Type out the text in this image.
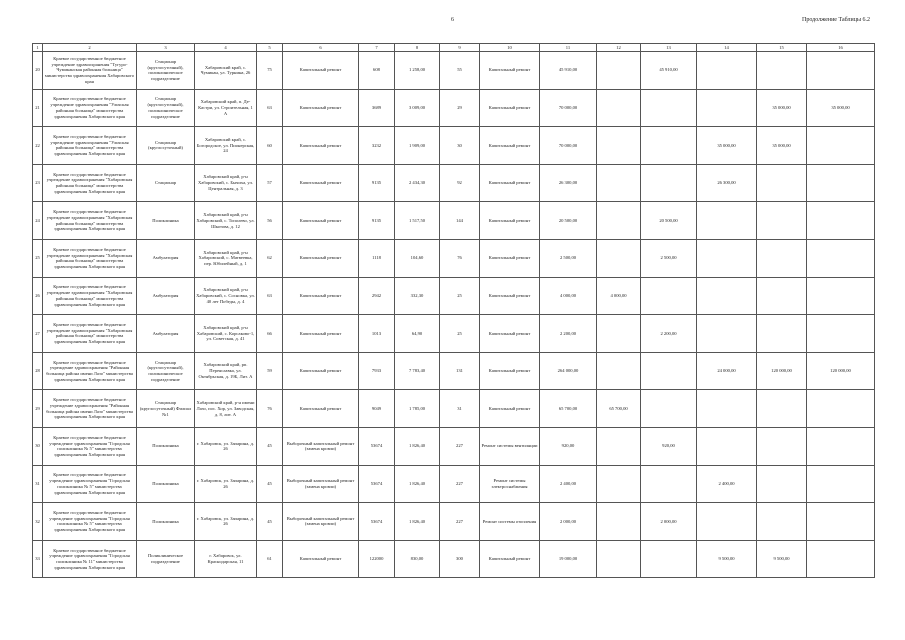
6	Продолжение Таблицы 6.2
1	2	3	4	5	6	7	8	9	10	11	12	13	14	15	16
20	Краевое государственное бюджетное учреждение здравоохранения "Тугуро-Чумиканская районная больница" министерства здравоохранения Хабаровского края	Стационар (круглосуточный), поликлиническое подразделение	Хабаровский край, с. Чумикан, ул. Турнина, 26	75	Капитальный ремонт	608	1 258,00	55	Капитальный ремонт	45 910,00		45 910,00			
21	Краевое государственное бюджетное учреждение здравоохранения "Ульчская районная больница" министерства здравоохранения Хабаровского края	Стационар (круглосуточный), поликлиническое подразделение	Хабаровский край, п. Де-Кастри, ул. Строительная, 1 А	63	Капитальный ремонт	3689	3 009,00	29	Капитальный ремонт	70 000,00				35 000,00	35 000,00
22	Краевое государственное бюджетное учреждение здравоохранения "Ульчская районная больница" министерства здравоохранения Хабаровского края	Стационар (круглосуточный)	Хабаровский край, с. Богородское, ул. Пионерская, 24	60	Капитальный ремонт	3232	1 909,00	30	Капитальный ремонт	70 000,00			35 000,00	35 000,00	
23	Краевое государственное бюджетное учреждение здравоохранения "Хабаровская районная больница" министерства здравоохранения Хабаровского края	Стационар	Хабаровский край, р-н Хабаровский, с. Бычиха, ул. Центральная, д. 3	57	Капитальный ремонт	9135	2 434,30	92	Капитальный ремонт	26 300,00			26 300,00		
24	Краевое государственное бюджетное учреждение здравоохранения "Хабаровская районная больница" министерства здравоохранения Хабаровского края	Поликлиника	Хабаровский край, р-н Хабаровский, с. Тополево, ул. Шкотова, д. 12	56	Капитальный ремонт	9135	1 517,50	144	Капитальный ремонт	20 500,00		20 500,00			
25	Краевое государственное бюджетное учреждение здравоохранения "Хабаровская районная больница" министерства здравоохранения Хабаровского края	Амбулатория	Хабаровский край, р-н Хабаровский, с. Матвеевка, пер. Юбилейный, д. 1	62	Капитальный ремонт	1118	104,60	76	Капитальный ремонт	2 500,00		2 500,00			
26	Краевое государственное бюджетное учреждение здравоохранения "Хабаровская районная больница" министерства здравоохранения Хабаровского края	Амбулатория	Хабаровский край, р-н Хабаровский, с. Сосновка, ул. 40 лет Победы, д. 4	63	Капитальный ремонт	2942	332,30	25	Капитальный ремонт	4 000,00	4 000,00				
27	Краевое государственное бюджетное учреждение здравоохранения "Хабаровская районная больница" министерства здравоохранения Хабаровского края	Амбулатория	Хабаровский край, р-н Хабаровский, с. Корсаково-1, ул. Советская, д. 41	66	Капитальный ремонт	1013	64,90	25	Капитальный ремонт	2 200,00		2 200,00			
28	Краевое государственное бюджетное учреждение здравоохранения "Районная больница района имени Лазо" министерства здравоохранения Хабаровского края	Стационар (круглосуточный), поликлиническое подразделение	Хабаровский край, рп. Переяславка, ул. Октябрьская, д. 19Б, Лит. А	59	Капитальный ремонт	7933	7 783,40	131	Капитальный ремонт	264 000,00			24 000,00	120 000,00	120 000,00
29	Краевое государственное бюджетное учреждение здравоохранения "Районная больница района имени Лазо" министерства здравоохранения Хабаровского края	Стационар (круглосуточный) Филиал №1	Хабаровский край, р-н имени Лазо, пос. Хор, ул. Заводская, д. 8, лит. А	76	Капитальный ремонт	9049	1 785,00	31	Капитальный ремонт	65 700,00	65 700,00				
30	Краевое государственное бюджетное учреждение здравоохранения "Городская поликлиника № 5" министерства здравоохранения Хабаровского края	Поликлиника	г. Хабаровск, ул. Запарина, д. 26	45	Выборочный капитальный ремонт (замена кровли)	53674	1 826,40	227	Ремонт системы вентиляции	920,00		920,00			
31	Краевое государственное бюджетное учреждение здравоохранения "Городская поликлиника № 5" министерства здравоохранения Хабаровского края	Поликлиника	г. Хабаровск, ул. Запарина, д. 26	45	Выборочный капитальный ремонт (замена кровли)	53674	1 826,40	227	Ремонт системы электроснабжения	2 400,00			2 400,00		
32	Краевое государственное бюджетное учреждение здравоохранения "Городская поликлиника № 5" министерства здравоохранения Хабаровского края	Поликлиника	г. Хабаровск, ул. Запарина, д. 26	45	Выборочный капитальный ремонт (замена кровли)	53674	1 826,40	227	Ремонт системы отопления	2 000,00		2 000,00			
33	Краевое государственное бюджетное учреждение здравоохранения "Городская поликлиника № 11" министерства здравоохранения Хабаровского края	Поликлиническое подразделение	г. Хабаровск, ул. Краснодарская, 11	61	Капитальный ремонт	122000	830,00	300	Капитальный ремонт	19 000,00			9 500,00	9 500,00	
